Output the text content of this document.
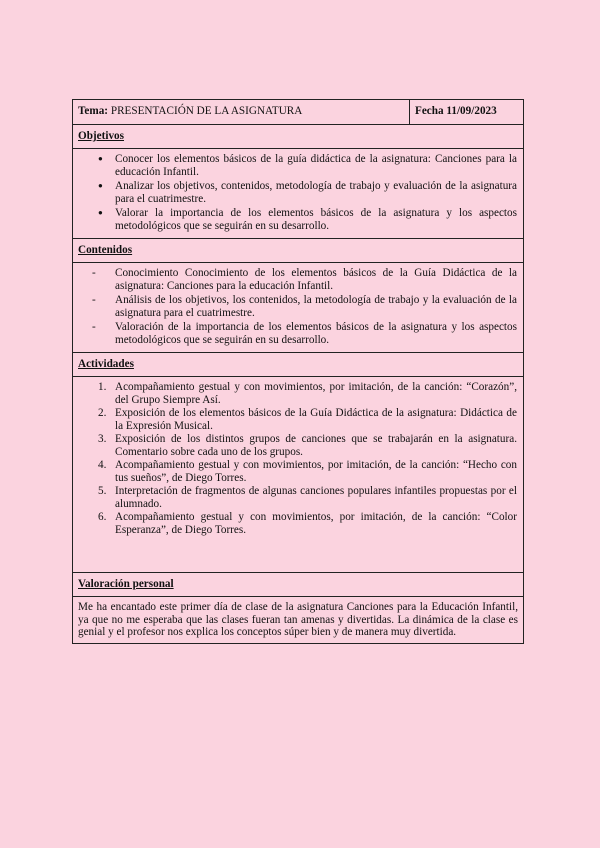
Tema: PRESENTACIÓN DE LA ASIGNATURA	Fecha 11/09/2023
Objetivos
● Conocer los elementos básicos de la guía didáctica de la asignatura: Canciones para la educación Infantil.
● Analizar los objetivos, contenidos, metodología de trabajo y evaluación de la asignatura para el cuatrimestre.
● Valorar la importancia de los elementos básicos de la asignatura y los aspectos metodológicos que se seguirán en su desarrollo.
Contenidos
- Conocimiento Conocimiento de los elementos básicos de la Guía Didáctica de la asignatura: Canciones para la educación Infantil.
- Análisis de los objetivos, los contenidos, la metodología de trabajo y la evaluación de la asignatura para el cuatrimestre.
- Valoración de la importancia de los elementos básicos de la asignatura y los aspectos metodológicos que se seguirán en su desarrollo.
Actividades
1. Acompañamiento gestual y con movimientos, por imitación, de la canción: “Corazón”, del Grupo Siempre Así.
2. Exposición de los elementos básicos de la Guía Didáctica de la asignatura: Didáctica de la Expresión Musical.
3. Exposición de los distintos grupos de canciones que se trabajarán en la asignatura. Comentario sobre cada uno de los grupos.
4. Acompañamiento gestual y con movimientos, por imitación, de la canción: “Hecho con tus sueños”, de Diego Torres.
5. Interpretación de fragmentos de algunas canciones populares infantiles propuestas por el alumnado.
6. Acompañamiento gestual y con movimientos, por imitación, de la canción: “Color Esperanza”, de Diego Torres.
Valoración personal
Me ha encantado este primer día de clase de la asignatura Canciones para la Educación Infantil, ya que no me esperaba que las clases fueran tan amenas y divertidas. La dinámica de la clase es genial y el profesor nos explica los conceptos súper bien y de manera muy divertida.
